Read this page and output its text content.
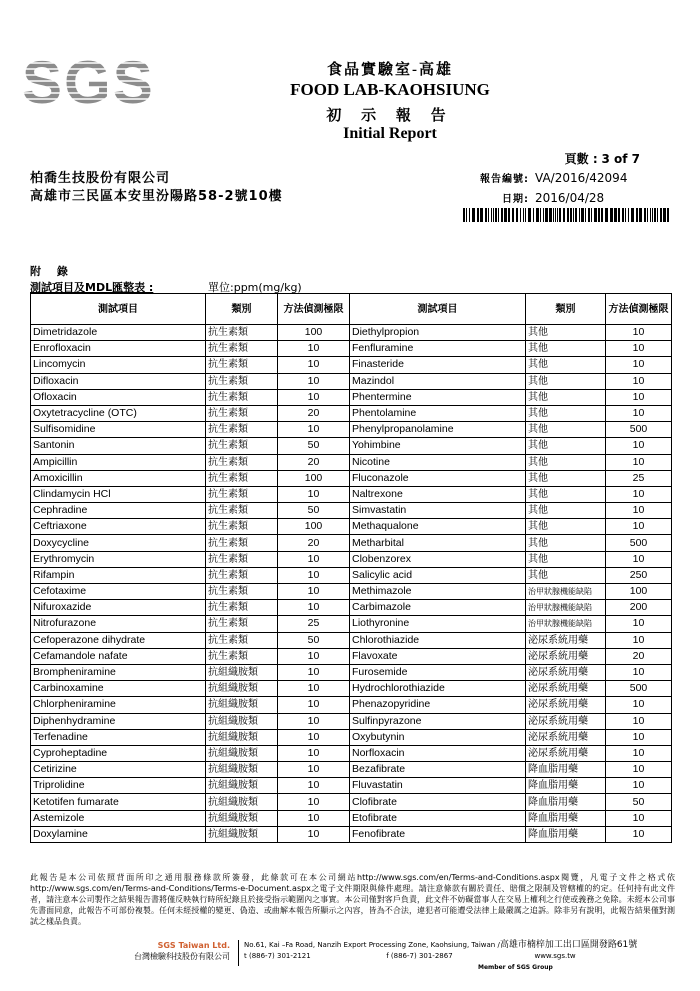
SGS	食品實驗室-高雄
FOOD LAB-KAOHSIUNG
初 示 報 告
Initial Report
頁數 : 3 of 7
柏喬生技股份有限公司
高雄市三民區本安里汾陽路58-2號10樓
報告編號: VA/2016/42094
日期: 2016/04/28
附 錄
測試項目及MDL匯整表 :	單位:ppm(mg/kg)
測試項目	類別	方法偵測極限	測試項目	類別	方法偵測極限
Dimetridazole	抗生素類	100	Diethylpropion	其他	10
Enrofloxacin	抗生素類	10	Fenfluramine	其他	10
Lincomycin	抗生素類	10	Finasteride	其他	10
Difloxacin	抗生素類	10	Mazindol	其他	10
Ofloxacin	抗生素類	10	Phentermine	其他	10
Oxytetracycline (OTC)	抗生素類	20	Phentolamine	其他	10
Sulfisomidine	抗生素類	10	Phenylpropanolamine	其他	500
Santonin	抗生素類	50	Yohimbine	其他	10
Ampicillin	抗生素類	20	Nicotine	其他	10
Amoxicillin	抗生素類	100	Fluconazole	其他	25
Clindamycin HCl	抗生素類	10	Naltrexone	其他	10
Cephradine	抗生素類	50	Simvastatin	其他	10
Ceftriaxone	抗生素類	100	Methaqualone	其他	10
Doxycycline	抗生素類	20	Metharbital	其他	500
Erythromycin	抗生素類	10	Clobenzorex	其他	10
Rifampin	抗生素類	10	Salicylic acid	其他	250
Cefotaxime	抗生素類	10	Methimazole	治甲狀腺機能缺陷	100
Nifuroxazide	抗生素類	10	Carbimazole	治甲狀腺機能缺陷	200
Nitrofurazone	抗生素類	25	Liothyronine	治甲狀腺機能缺陷	10
Cefoperazone dihydrate	抗生素類	50	Chlorothiazide	泌尿系統用藥	10
Cefamandole nafate	抗生素類	10	Flavoxate	泌尿系統用藥	20
Brompheniramine	抗組織胺類	10	Furosemide	泌尿系統用藥	10
Carbinoxamine	抗組織胺類	10	Hydrochlorothiazide	泌尿系統用藥	500
Chlorpheniramine	抗組織胺類	10	Phenazopyridine	泌尿系統用藥	10
Diphenhydramine	抗組織胺類	10	Sulfinpyrazone	泌尿系統用藥	10
Terfenadine	抗組織胺類	10	Oxybutynin	泌尿系統用藥	10
Cyproheptadine	抗組織胺類	10	Norfloxacin	泌尿系統用藥	10
Cetirizine	抗組織胺類	10	Bezafibrate	降血脂用藥	10
Triprolidine	抗組織胺類	10	Fluvastatin	降血脂用藥	10
Ketotifen fumarate	抗組織胺類	10	Clofibrate	降血脂用藥	50
Astemizole	抗組織胺類	10	Etofibrate	降血脂用藥	10
Doxylamine	抗組織胺類	10	Fenofibrate	降血脂用藥	10
此報告是本公司依照背面所印之通用服務條款所簽發，此條款可在本公司網站http://www.sgs.com/en/Terms-and-Conditions.aspx閱覽，凡電子文件之格式依http://www.sgs.com/en/Terms-and-Conditions/Terms-e-Document.aspx之電子文件期限與條件處理。請注意條款有關於責任、賠償之限制及管轄權的約定。任何持有此文件者，請注意本公司製作之結果報告書將僅反映執行時所紀錄且於接受指示範圍內之事實。本公司僅對客戶負責，此文件不妨礙當事人在交易上權利之行使或義務之免除。未經本公司事先書面同意，此報告不可部份複製。任何未經授權的變更、偽造、或曲解本報告所顯示之內容，皆為不合法，違犯者可能遭受法律上最嚴厲之追訴。除非另有說明，此報告結果僅對測試之樣品負責。
SGS Taiwan Ltd.
台灣檢驗科技股份有限公司
No.61, Kai –Fa Road, Nanzih Export Processing Zone, Kaohsiung, Taiwan /高雄市楠梓加工出口區開發路61號
t (886-7) 301-2121	f (886-7) 301-2867	www.sgs.tw
Member of SGS Group
